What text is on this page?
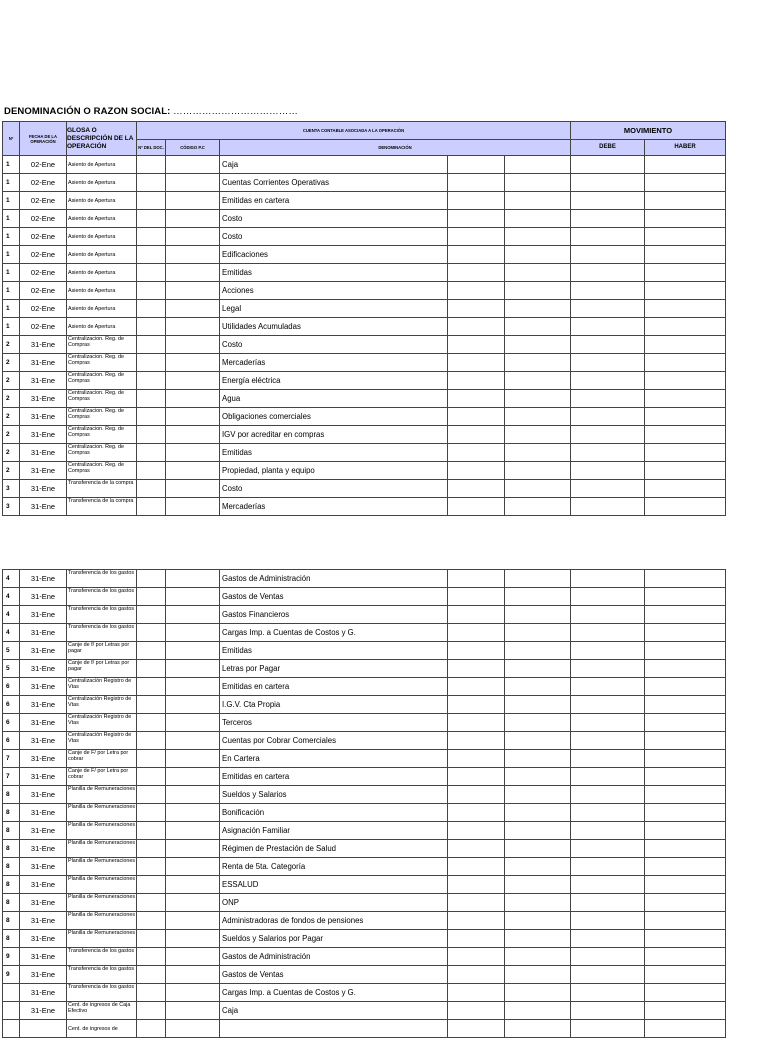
DENOMINACIÓN O RAZON SOCIAL: …………………………………
Nº	FECHA DE LA OPERACIÓN	GLOSA O DESCRIPCIÓN DE LA OPERACIÓN	CUENTA CONTABLE ASOCIADA A LA OPERACIÓN					MOVIMIENTO	
			Nº DEL DOC.	CÓDIGO P.C	DENOMINACIÓN			DEBE	HABER
1	02-Ene	Asiento de Apertura			Caja				
1	02-Ene	Asiento de Apertura			Cuentas Corrientes Operativas				
1	02-Ene	Asiento de Apertura			Emitidas en cartera				
1	02-Ene	Asiento de Apertura			Costo				
1	02-Ene	Asiento de Apertura			Costo				
1	02-Ene	Asiento de Apertura			Edificaciones				
1	02-Ene	Asiento de Apertura			Emitidas				
1	02-Ene	Asiento de Apertura			Acciones				
1	02-Ene	Asiento de Apertura			Legal				
1	02-Ene	Asiento de Apertura			Utilidades Acumuladas				
2	31-Ene	Centralizacion. Reg. de Compras			Costo				
2	31-Ene	Centralizacion. Reg. de Compras			Mercaderías				
2	31-Ene	Centralizacion. Reg. de Compras			Energía eléctrica				
2	31-Ene	Centralizacion. Reg. de Compras			Agua				
2	31-Ene	Centralizacion. Reg. de Compras			Obligaciones comerciales				
2	31-Ene	Centralizacion. Reg. de Compras			IGV por acreditar en compras				
2	31-Ene	Centralizacion. Reg. de Compras			Emitidas				
2	31-Ene	Centralizacion. Reg. de Compras			Propiedad, planta y equipo				
3	31-Ene	Transferencia de la compra			Costo				
3	31-Ene	Transferencia de la compra			Mercaderías				
4	31-Ene	Transferencia de los gastos			Gastos de Administración				
4	31-Ene	Transferencia de los gastos			Gastos de Ventas				
4	31-Ene	Transferencia de los gastos			Gastos Financieros				
4	31-Ene	Transferencia de los gastos			Cargas Imp. a Cuentas de Costos y G.				
5	31-Ene	Canje de f/ por Letras por pagar			Emitidas				
5	31-Ene	Canje de f/ por Letras por pagar			Letras por Pagar				
6	31-Ene	Centralización Registro de Vtas			Emitidas en cartera				
6	31-Ene	Centralización Registro de Vtas			I.G.V. Cta Propia				
6	31-Ene	Centralización Registro de Vtas			Terceros				
6	31-Ene	Centralización Registro de Vtas			Cuentas por Cobrar Comerciales				
7	31-Ene	Canje de F/ por Letra por cobrar			En Cartera				
7	31-Ene	Canje de F/ por Letra por cobrar			Emitidas en cartera				
8	31-Ene	Planilla de Remuneraciones			Sueldos y Salarios				
8	31-Ene	Planilla de Remuneraciones			Bonificación				
8	31-Ene	Planilla de Remuneraciones			Asignación Familiar				
8	31-Ene	Planilla de Remuneraciones			Régimen de Prestación de Salud				
8	31-Ene	Planilla de Remuneraciones			Renta de 5ta. Categoría				
8	31-Ene	Planilla de Remuneraciones			ESSALUD				
8	31-Ene	Planilla de Remuneraciones			ONP				
8	31-Ene	Planilla de Remuneraciones			Administradoras de fondos de pensiones				
8	31-Ene	Planilla de Remuneraciones			Sueldos y Salarios por Pagar				
9	31-Ene	Transferencia de los gastos			Gastos de Administración				
9	31-Ene	Transferencia de los gastos			Gastos de Ventas				
	31-Ene	Transferencia de los gastos			Cargas Imp. a Cuentas de Costos y G.				
	31-Ene	Cent. de ingresos de Caja Efectivo			Caja				
		Cent. de ingresos de							
